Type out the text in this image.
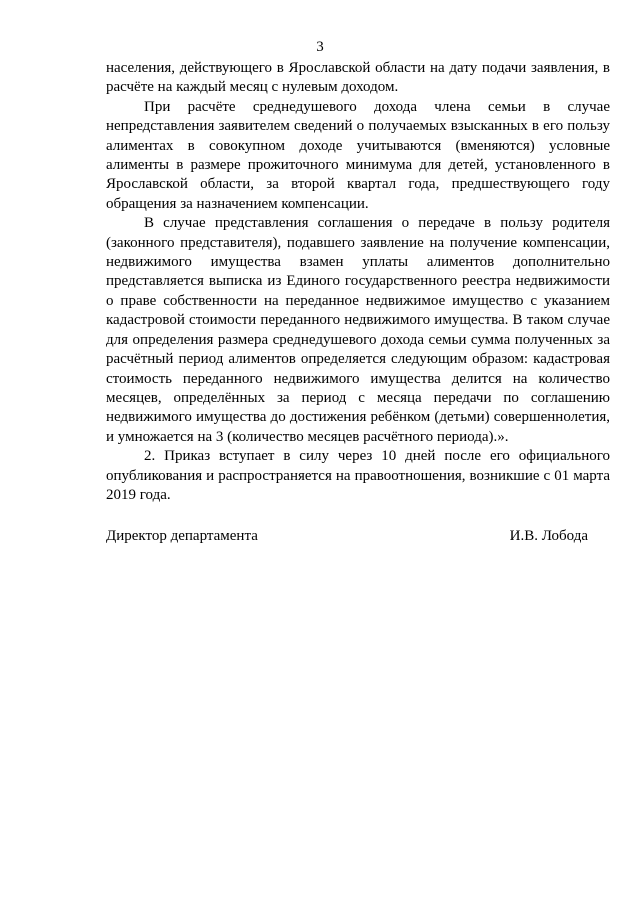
3

населения, действующего в Ярославской области на дату подачи заявления, в расчёте на каждый месяц с нулевым доходом.

При расчёте среднедушевого дохода члена семьи в случае непредставления заявителем сведений о получаемых взысканных в его пользу алиментах в совокупном доходе учитываются (вменяются) условные алименты в размере прожиточного минимума для детей, установленного в Ярославской области, за второй квартал года, предшествующего году обращения за назначением компенсации.

В случае представления соглашения о передаче в пользу родителя (законного представителя), подавшего заявление на получение компенсации, недвижимого имущества взамен уплаты алиментов дополнительно представляется выписка из Единого государственного реестра недвижимости о праве собственности на переданное недвижимое имущество с указанием кадастровой стоимости переданного недвижимого имущества. В таком случае для определения размера среднедушевого дохода семьи сумма полученных за расчётный период алиментов определяется следующим образом: кадастровая стоимость переданного недвижимого имущества делится на количество месяцев, определённых за период с месяца передачи по соглашению недвижимого имущества до достижения ребёнком (детьми) совершеннолетия, и умножается на 3 (количество месяцев расчётного периода).».

2. Приказ вступает в силу через 10 дней после его официального опубликования и распространяется на правоотношения, возникшие с 01 марта 2019 года.

Директор департамента	И.В. Лобода
